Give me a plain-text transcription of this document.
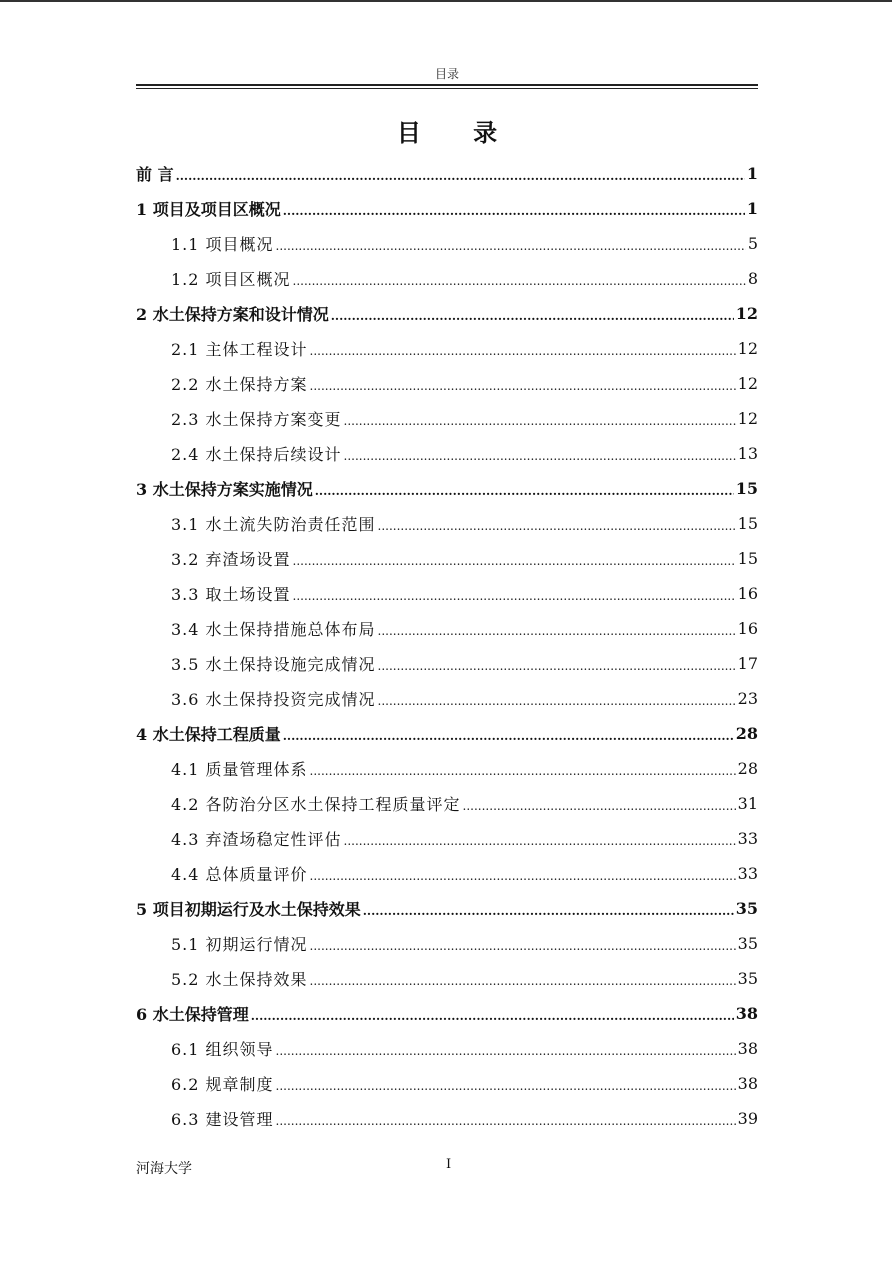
目录
目 录
前 言 .....	1
1 项目及项目区概况 .....	1
1.1 项目概况 .....	5
1.2 项目区概况 .....	8
2 水土保持方案和设计情况 .....	12
2.1 主体工程设计 .....	12
2.2 水土保持方案 .....	12
2.3 水土保持方案变更 .....	12
2.4 水土保持后续设计 .....	13
3 水土保持方案实施情况 .....	15
3.1 水土流失防治责任范围 .....	15
3.2 弃渣场设置 .....	15
3.3 取土场设置 .....	16
3.4 水土保持措施总体布局 .....	16
3.5 水土保持设施完成情况 .....	17
3.6 水土保持投资完成情况 .....	23
4 水土保持工程质量 .....	28
4.1 质量管理体系 .....	28
4.2 各防治分区水土保持工程质量评定 .....	31
4.3 弃渣场稳定性评估 .....	33
4.4 总体质量评价 .....	33
5 项目初期运行及水土保持效果 .....	35
5.1 初期运行情况 .....	35
5.2 水土保持效果 .....	35
6 水土保持管理 .....	38
6.1 组织领导 .....	38
6.2 规章制度 .....	38
6.3 建设管理 .....	39
河海大学	I
